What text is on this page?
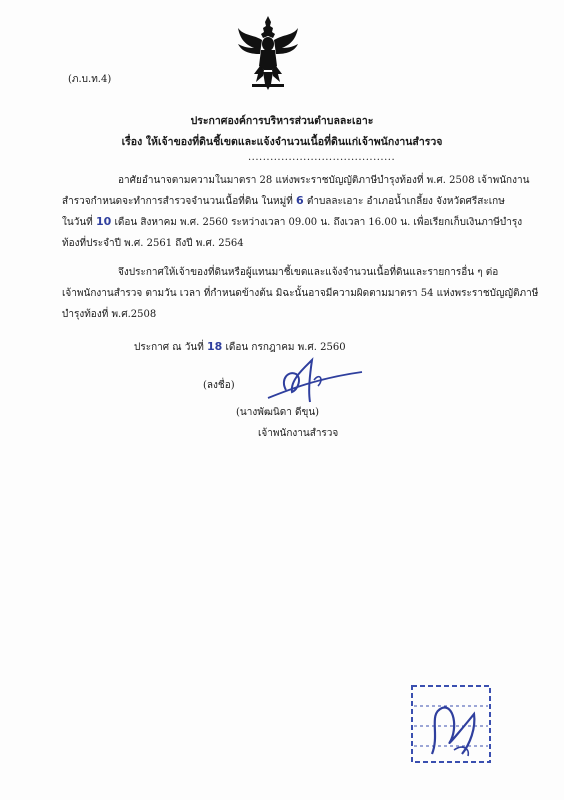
(ภ.บ.ท.4)
ประกาศองค์การบริหารส่วนตำบลละเอาะ
เรื่อง ให้เจ้าของที่ดินชี้เขตและแจ้งจำนวนเนื้อที่ดินแก่เจ้าพนักงานสำรวจ
........................................
อาศัยอำนาจตามความในมาตรา 28 แห่งพระราชบัญญัติภาษีบำรุงท้องที่ พ.ศ. 2508 เจ้าพนักงาน
สำรวจกำหนดจะทำการสำรวจจำนวนเนื้อที่ดิน ในหมู่ที่ 6 ตำบลละเอาะ อำเภอน้ำเกลี้ยง จังหวัดศรีสะเกษ
ในวันที่ 10 เดือน สิงหาคม พ.ศ. 2560 ระหว่างเวลา 09.00 น. ถึงเวลา 16.00 น. เพื่อเรียกเก็บเงินภาษีบำรุง
ท้องที่ประจำปี พ.ศ. 2561 ถึงปี พ.ศ. 2564
จึงประกาศให้เจ้าของที่ดินหรือผู้แทนมาชี้เขตและแจ้งจำนวนเนื้อที่ดินและรายการอื่น ๆ ต่อ
เจ้าพนักงานสำรวจ ตามวัน เวลา ที่กำหนดข้างต้น มิฉะนั้นอาจมีความผิดตามมาตรา 54 แห่งพระราชบัญญัติภาษี
บำรุงท้องที่ พ.ศ.2508
ประกาศ ณ วันที่ 18 เดือน กรกฎาคม พ.ศ. 2560
(ลงชื่อ)
(นางพัฒนิดา ดีขุน)
เจ้าพนักงานสำรวจ
